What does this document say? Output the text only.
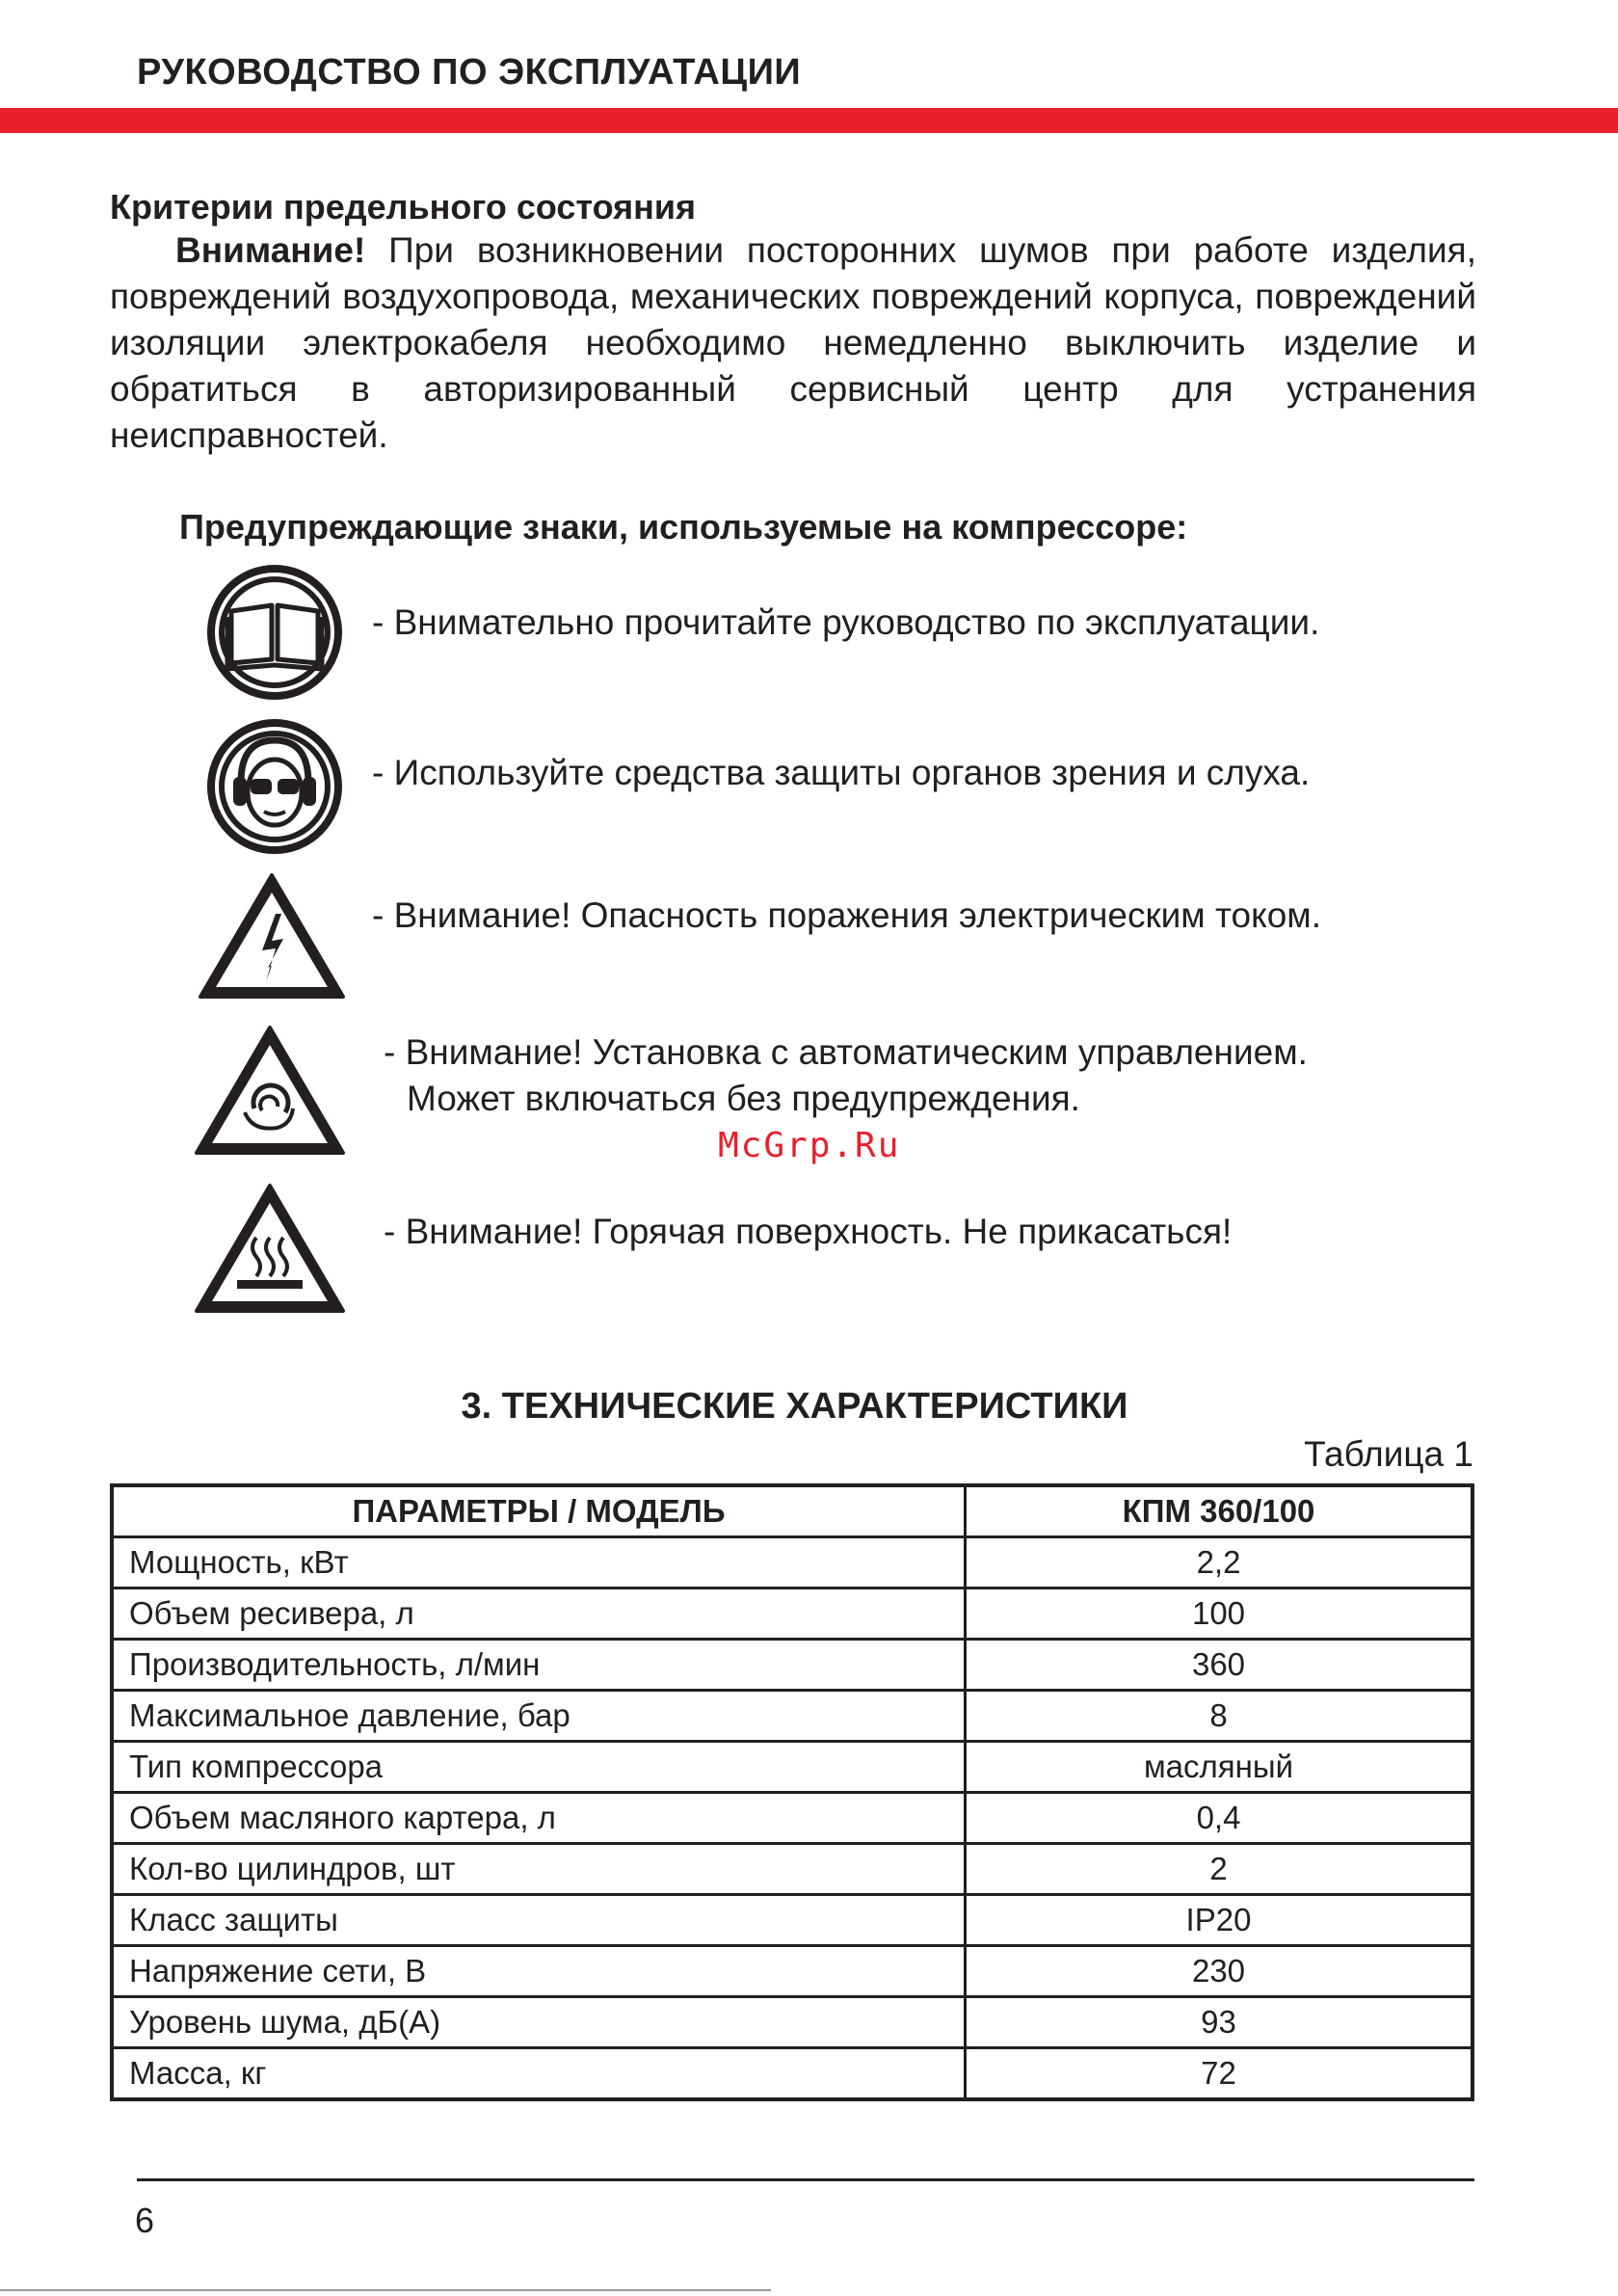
РУКОВОДСТВО ПО ЭКСПЛУАТАЦИИ
Критерии предельного состояния

Внимание! При возникновении посторонних шумов при работе изделия, повреждений воздухопровода, механических повреждений корпуса, повреждений изоляции электрокабеля необходимо немедленно выключить изделие и обратиться в авторизированный сервисный центр для устранения неисправностей.

Предупреждающие знаки, используемые на компрессоре:
- Внимательно прочитайте руководство по эксплуатации.
- Используйте средства защиты органов зрения и слуха.
- Внимание! Опасность поражения электрическим током.
- Внимание! Установка с автоматическим управлением.
Может включаться без предупреждения.
McGrp.Ru
- Внимание! Горячая поверхность. Не прикасаться!
3. ТЕХНИЧЕСКИЕ ХАРАКТЕРИСТИКИ
Таблица 1
ПАРАМЕТРЫ / МОДЕЛЬ	КПМ 360/100
Мощность, кВт	2,2
Объем ресивера, л	100
Производительность, л/мин	360
Максимальное давление, бар	8
Тип компрессора	масляный
Объем масляного картера, л	0,4
Кол-во цилиндров, шт	2
Класс защиты	IP20
Напряжение сети, В	230
Уровень шума, дБ(А)	93
Масса, кг	72
6
